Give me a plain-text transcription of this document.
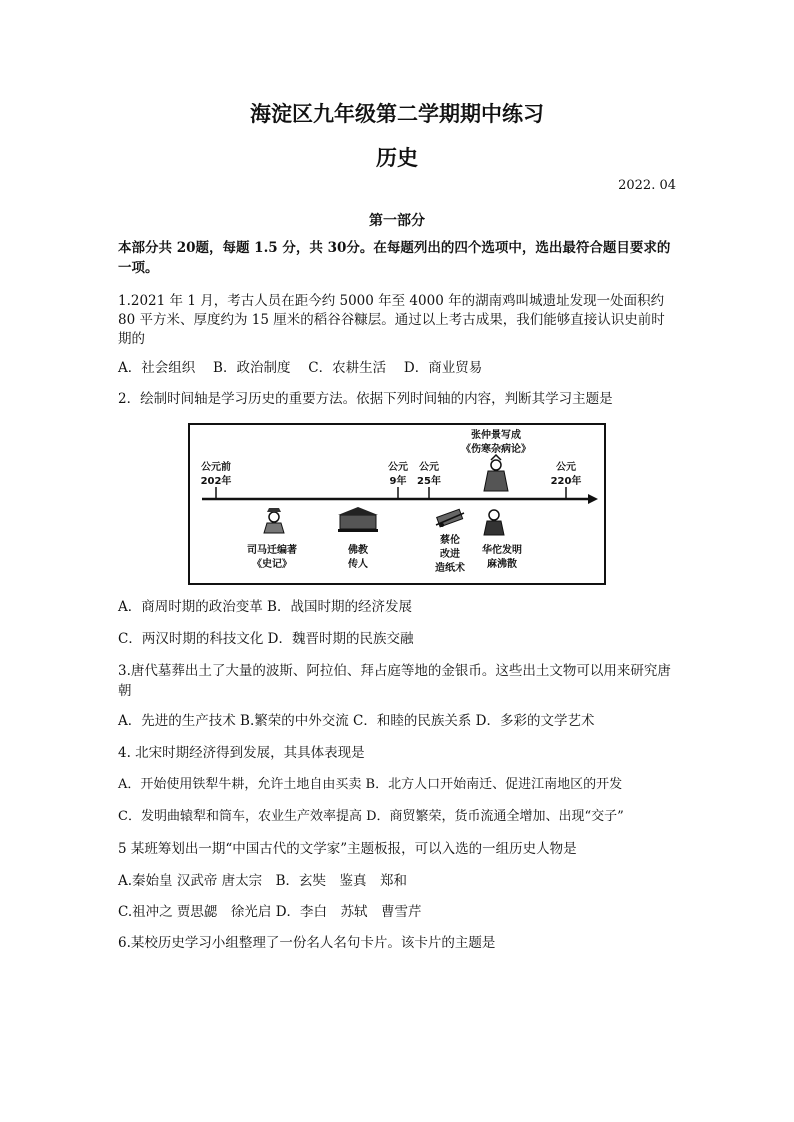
海淀区九年级第二学期期中练习
历史
2022. 04
第一部分
本部分共 20题，每题 1.5 分，共 30分。在每题列出的四个选项中，选出最符合题目要求的一项。
1.2021 年 1 月，考古人员在距今约 5000 年至 4000 年的湖南鸡叫城遗址发现一处面积约 80 平方米、厚度约为 15 厘米的稻谷谷糠层。通过以上考古成果，我们能够直接认识史前时期的
A．社会组织　 B．政治制度　 C．农耕生活　 D．商业贸易
2．绘制时间轴是学习历史的重要方法。依据下列时间轴的内容，判断其学习主题是
公元前
202年
公元
9年
公元
25年
张仲景写成
《伤寒杂病论》
公元
220年
司马迁编著
《史记》
佛教
传人
蔡伦
改进
造纸术
华佗发明
麻沸散
A．商周时期的政治变革 B．战国时期的经济发展
C．两汉时期的科技文化 D．魏晋时期的民族交融
3.唐代墓葬出土了大量的波斯、阿拉伯、拜占庭等地的金银币。这些出土文物可以用来研究唐朝
A．先进的生产技术 B.繁荣的中外交流 C．和睦的民族关系 D．多彩的文学艺术
4. 北宋时期经济得到发展，其具体表现是
A．开始使用铁犁牛耕，允许土地自由买卖 B．北方人口开始南迁、促进江南地区的开发
C．发明曲辕犁和筒车，农业生产效率提高 D．商贸繁荣，货币流通全增加、出现“交子”
5 某班筹划出一期“中国古代的文学家”主题板报，可以入选的一组历史人物是
A.秦始皇 汉武帝 唐太宗　B．玄奘　鉴真　郑和
C.祖冲之 贾思勰　徐光启 D．李白　苏轼　曹雪芹
6.某校历史学习小组整理了一份名人名句卡片。该卡片的主题是
